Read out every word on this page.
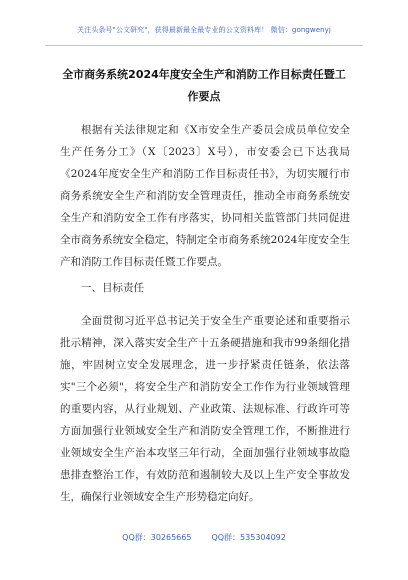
关注头条号"公文研究"，获得最新最全最专业的公文资料库！ 微信：gongwenyj
全市商务系统2024年度安全生产和消防工作目标责任暨工
作要点
根据有关法律规定和《X市安全生产委员会成员单位安全生产任务分工》（X〔2023〕X号），市安委会已下达我局《2024年度安全生产和消防工作目标责任书》，为切实履行市商务系统安全生产和消防安全管理责任，推动全市商务系统安全生产和消防安全工作有序落实，协同相关监管部门共同促进全市商务系统安全稳定，特制定全市商务系统2024年度安全生产和消防工作目标责任暨工作要点。
一、目标责任
全面贯彻习近平总书记关于安全生产重要论述和重要指示批示精神，深入落实安全生产十五条硬措施和我市99条细化措施，牢固树立安全发展理念，进一步抒紧责任链条，依法落实"三个必须"，将安全生产和消防安全工作作为行业领域管理的重要内容，从行业规划、产业政策、法规标准、行政许可等方面加强行业领域安全生产和消防安全管理工作，不断推进行业领域安全生产治本攻坚三年行动，全面加强行业领域事故隐患排查整治工作，有效防范和遏制较大及以上生产安全事故发生，确保行业领域安全生产形势稳定向好。
QQ群：30265665	QQ群：535304092
